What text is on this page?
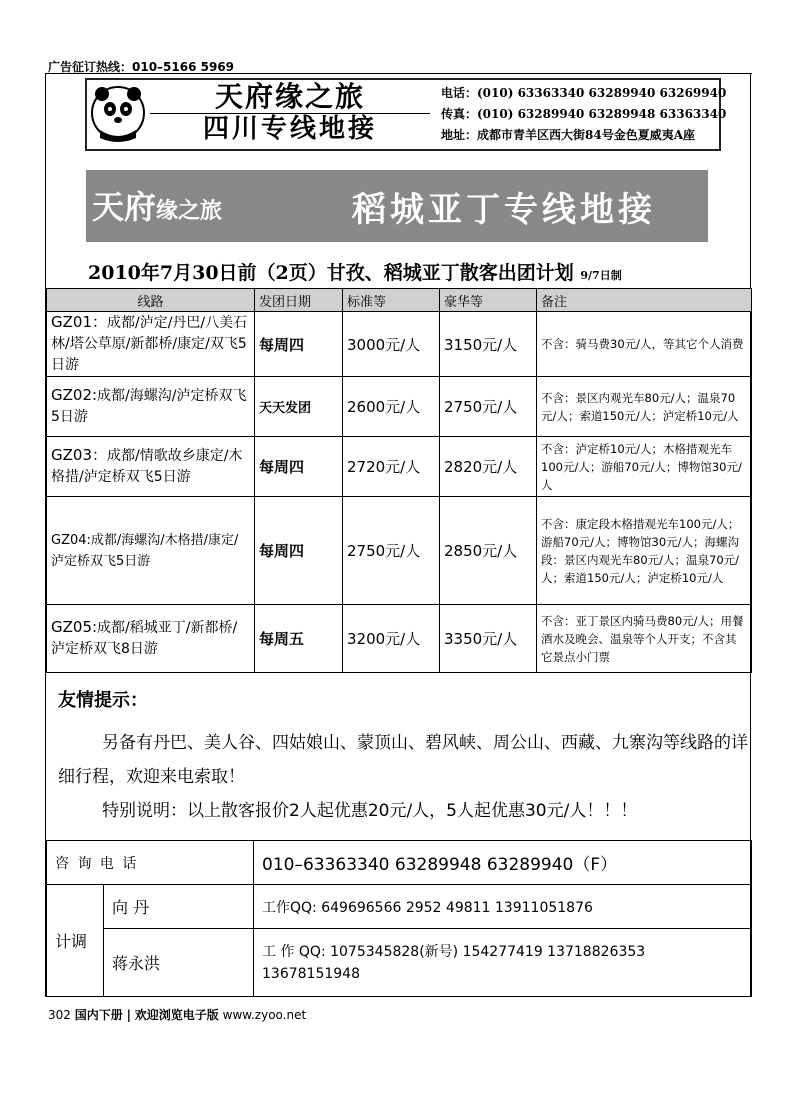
广告征订热线：010–5166 5969
天府缘之旅
四川专线地接
电话：(010) 63363340 63289940 63269940
传真：(010) 63289940 63289948 63363340
地址：成都市青羊区西大街84号金色夏威夷A座
天府缘之旅	稻城亚丁专线地接
2010年7月30日前（2页）甘孜、稻城亚丁散客出团计划 9/7日制
线路	发团日期	标准等	豪华等	备注
GZ01：成都/泸定/丹巴/八美石林/塔公草原/新都桥/康定/双飞5日游	每周四	3000元/人	3150元/人	不含：骑马费30元/人，等其它个人消费
GZ02:成都/海螺沟/泸定桥双飞5日游	天天发团	2600元/人	2750元/人	不含：景区内观光车80元/人；温泉70元/人；索道150元/人；泸定桥10元/人
GZ03：成都/情歌故乡康定/木格措/泸定桥双飞5日游	每周四	2720元/人	2820元/人	不含：泸定桥10元/人；木格措观光车100元/人；游船70元/人；博物馆30元/人
GZ04:成都/海螺沟/木格措/康定/泸定桥双飞5日游	每周四	2750元/人	2850元/人	不含：康定段木格措观光车100元/人；游船70元/人；博物馆30元/人；海螺沟段：景区内观光车80元/人；温泉70元/人；索道150元/人；泸定桥10元/人
GZ05:成都/稻城亚丁/新都桥/泸定桥双飞8日游	每周五	3200元/人	3350元/人	不含：亚丁景区内骑马费80元/人；用餐酒水及晚会、温泉等个人开支；不含其它景点小门票
友情提示：

另备有丹巴、美人谷、四姑娘山、蒙顶山、碧风峡、周公山、西藏、九寨沟等线路的详细行程，欢迎来电索取！

特别说明：以上散客报价2人起优惠20元/人，5人起优惠30元/人！！！

咨 询 电 话		010–63363340 63289948 63289940（F）
计调	向 丹	工作QQ: 649696566 2952 49811 13911051876
	蒋永洪	工 作 QQ: 1075345828(新号) 154277419 13718826353 13678151948
302 国内下册 | 欢迎浏览电子版 www.zyoo.net
